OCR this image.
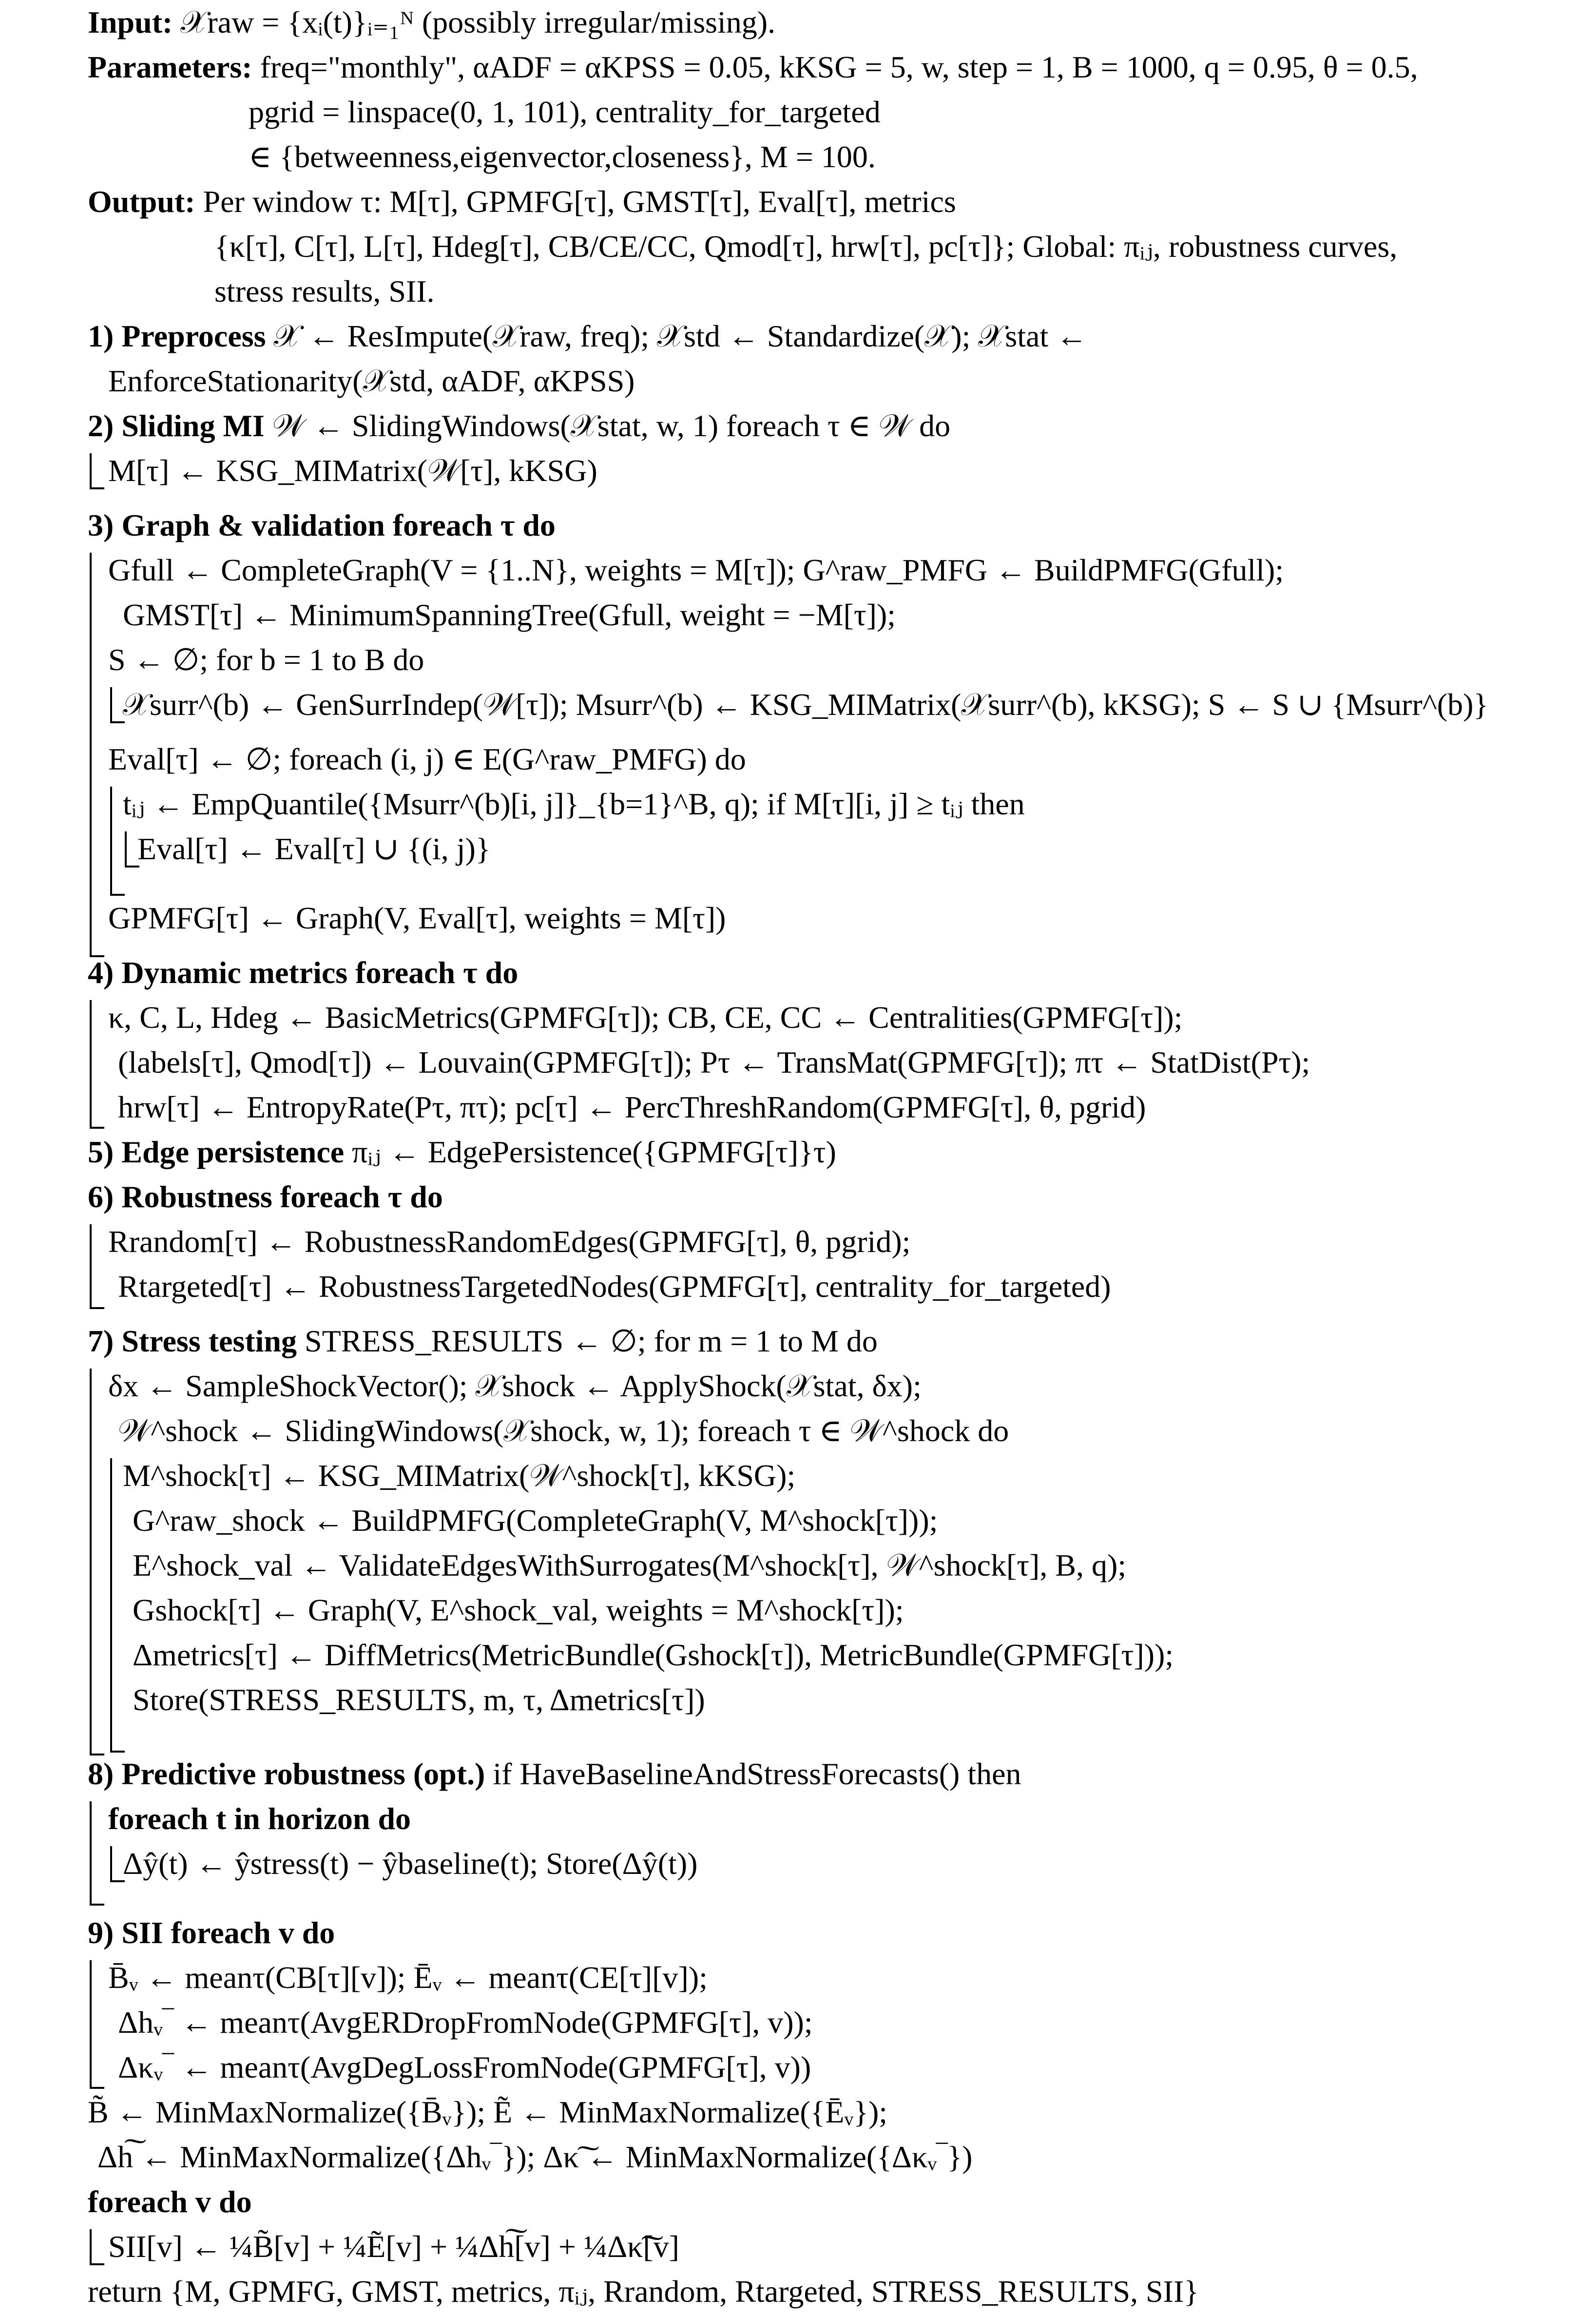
Input: 𝒳raw = {xᵢ(t)}ᵢ₌₁ᴺ (possibly irregular/missing).
Parameters: freq="monthly", αADF = αKPSS = 0.05, kKSG = 5, w, step = 1, B = 1000, q = 0.95, θ = 0.5,
pgrid = linspace(0, 1, 101), centrality_for_targeted
∈ {betweenness,eigenvector,closeness}, M = 100.
Output: Per window τ: M[τ], GPMFG[τ], GMST[τ], Eval[τ], metrics
{κ[τ], C[τ], L[τ], Hdeg[τ], CB/CE/CC, Qmod[τ], hrw[τ], pc[τ]}; Global: πᵢⱼ, robustness curves,
stress results, SII.
1) Preprocess 𝒳 ← ResImpute(𝒳raw, freq); 𝒳std ← Standardize(𝒳); 𝒳stat ←
EnforceStationarity(𝒳std, αADF, αKPSS)
2) Sliding MI 𝒲 ← SlidingWindows(𝒳stat, w, 1) foreach τ ∈ 𝒲 do
M[τ] ← KSG_MIMatrix(𝒲[τ], kKSG)
3) Graph & validation foreach τ do
Gfull ← CompleteGraph(V = {1..N}, weights = M[τ]); G^raw_PMFG ← BuildPMFG(Gfull);
GMST[τ] ← MinimumSpanningTree(Gfull, weight = −M[τ]);
S ← ∅; for b = 1 to B do
𝒳surr^(b) ← GenSurrIndep(𝒲[τ]); Msurr^(b) ← KSG_MIMatrix(𝒳surr^(b), kKSG); S ← S ∪ {Msurr^(b)}
Eval[τ] ← ∅; foreach (i, j) ∈ E(G^raw_PMFG) do
tᵢⱼ ← EmpQuantile({Msurr^(b)[i, j]}_{b=1}^B, q); if M[τ][i, j] ≥ tᵢⱼ then
Eval[τ] ← Eval[τ] ∪ {(i, j)}
GPMFG[τ] ← Graph(V, Eval[τ], weights = M[τ])
4) Dynamic metrics foreach τ do
κ, C, L, Hdeg ← BasicMetrics(GPMFG[τ]); CB, CE, CC ← Centralities(GPMFG[τ]);
(labels[τ], Qmod[τ]) ← Louvain(GPMFG[τ]); Pτ ← TransMat(GPMFG[τ]); πτ ← StatDist(Pτ);
hrw[τ] ← EntropyRate(Pτ, πτ); pc[τ] ← PercThreshRandom(GPMFG[τ], θ, pgrid)
5) Edge persistence πᵢⱼ ← EdgePersistence({GPMFG[τ]}τ)
6) Robustness foreach τ do
Rrandom[τ] ← RobustnessRandomEdges(GPMFG[τ], θ, pgrid);
Rtargeted[τ] ← RobustnessTargetedNodes(GPMFG[τ], centrality_for_targeted)
7) Stress testing STRESS_RESULTS ← ∅; for m = 1 to M do
δx ← SampleShockVector(); 𝒳shock ← ApplyShock(𝒳stat, δx);
𝒲^shock ← SlidingWindows(𝒳shock, w, 1); foreach τ ∈ 𝒲^shock do
M^shock[τ] ← KSG_MIMatrix(𝒲^shock[τ], kKSG);
G^raw_shock ← BuildPMFG(CompleteGraph(V, M^shock[τ]));
E^shock_val ← ValidateEdgesWithSurrogates(M^shock[τ], 𝒲^shock[τ], B, q);
Gshock[τ] ← Graph(V, E^shock_val, weights = M^shock[τ]);
Δmetrics[τ] ← DiffMetrics(MetricBundle(Gshock[τ]), MetricBundle(GPMFG[τ]));
Store(STRESS_RESULTS, m, τ, Δmetrics[τ])
8) Predictive robustness (opt.) if HaveBaselineAndStressForecasts() then
foreach t in horizon do
Δŷ(t) ← ŷstress(t) − ŷbaseline(t); Store(Δŷ(t))
9) SII foreach v do
B̄ᵥ ← meanτ(CB[τ][v]); Ēᵥ ← meanτ(CE[τ][v]);
Δhᵥ‾ ← meanτ(AvgERDropFromNode(GPMFG[τ], v));
Δκᵥ‾ ← meanτ(AvgDegLossFromNode(GPMFG[τ], v))
B̃ ← MinMaxNormalize({B̄ᵥ}); Ẽ ← MinMaxNormalize({Ēᵥ});
Δh͠ ← MinMaxNormalize({Δhᵥ‾}); Δκ͠ ← MinMaxNormalize({Δκᵥ‾})
foreach v do
SII[v] ← ¼B̃[v] + ¼Ẽ[v] + ¼Δh͠[v] + ¼Δκ͠[v]
return {M, GPMFG, GMST, metrics, πᵢⱼ, Rrandom, Rtargeted, STRESS_RESULTS, SII}
